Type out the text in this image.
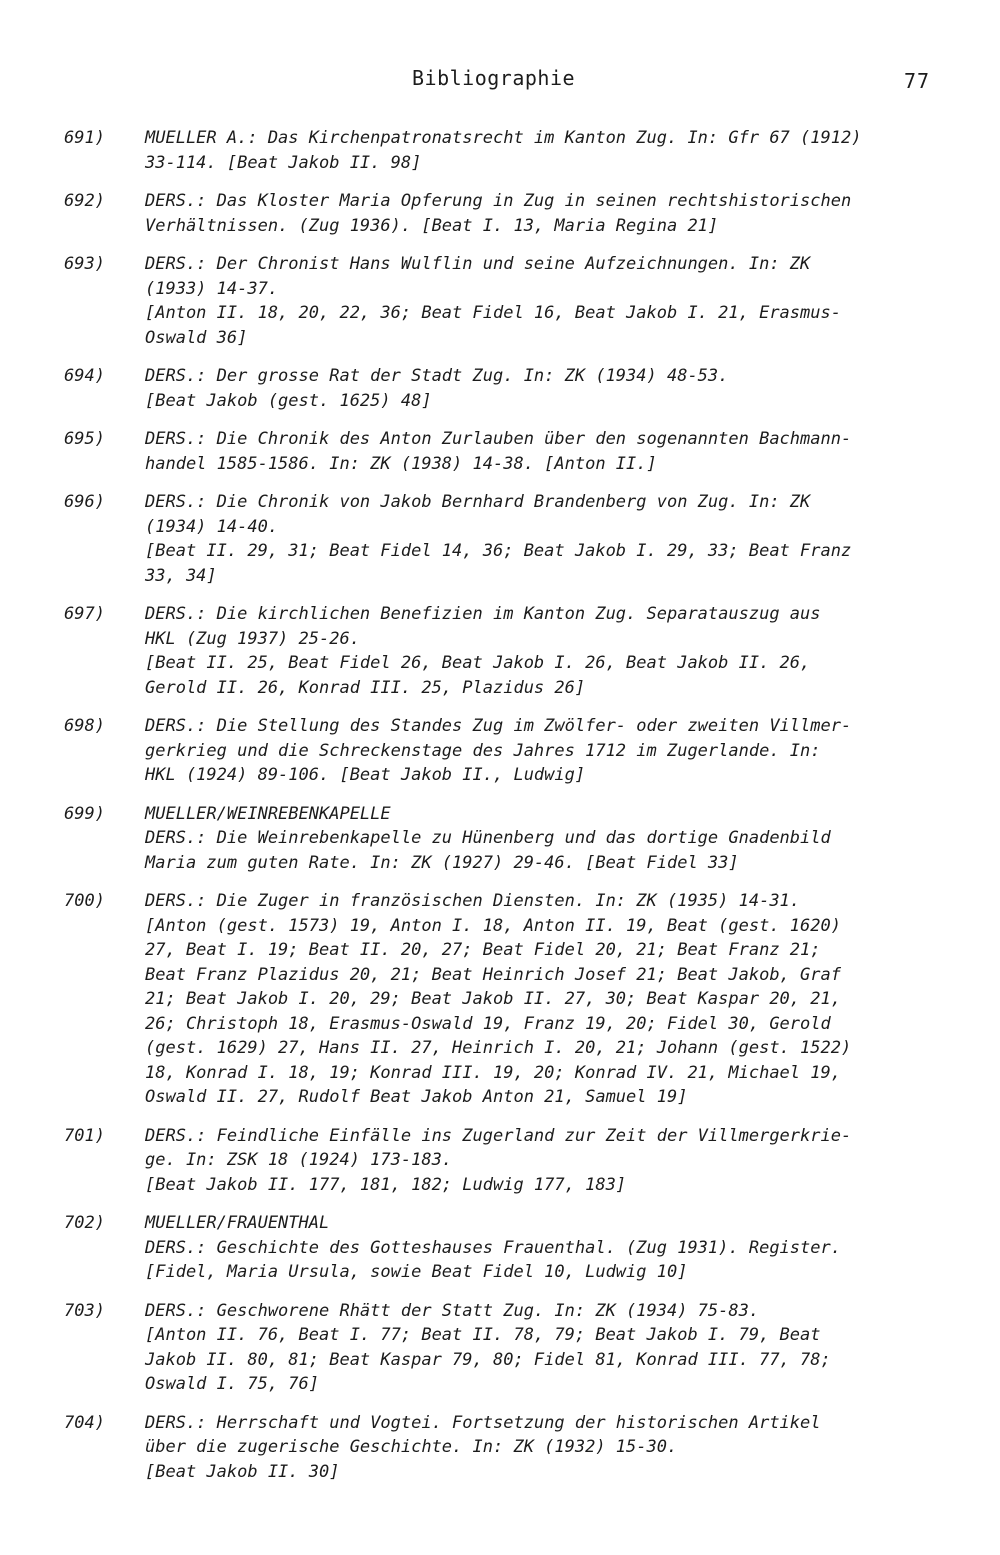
Bibliographie	77
691)	MUELLER A.: Das Kirchenpatronatsrecht im Kanton Zug. In: Gfr 67 (1912)
33-114. [Beat Jakob II. 98]
692)	DERS.: Das Kloster Maria Opferung in Zug in seinen rechtshistorischen
Verhältnissen. (Zug 1936). [Beat I. 13, Maria Regina 21]
693)	DERS.: Der Chronist Hans Wulflin und seine Aufzeichnungen. In: ZK
(1933) 14-37.
[Anton II. 18, 20, 22, 36; Beat Fidel 16, Beat Jakob I. 21, Erasmus-
Oswald 36]
694)	DERS.: Der grosse Rat der Stadt Zug. In: ZK (1934) 48-53.
[Beat Jakob (gest. 1625) 48]
695)	DERS.: Die Chronik des Anton Zurlauben über den sogenannten Bachmann-
handel 1585-1586. In: ZK (1938) 14-38. [Anton II.]
696)	DERS.: Die Chronik von Jakob Bernhard Brandenberg von Zug. In: ZK
(1934) 14-40.
[Beat II. 29, 31; Beat Fidel 14, 36; Beat Jakob I. 29, 33; Beat Franz
33, 34]
697)	DERS.: Die kirchlichen Benefizien im Kanton Zug. Separatauszug aus
HKL (Zug 1937) 25-26.
[Beat II. 25, Beat Fidel 26, Beat Jakob I. 26, Beat Jakob II. 26,
Gerold II. 26, Konrad III. 25, Plazidus 26]
698)	DERS.: Die Stellung des Standes Zug im Zwölfer- oder zweiten Villmer-
gerkrieg und die Schreckenstage des Jahres 1712 im Zugerlande. In:
HKL (1924) 89-106. [Beat Jakob II., Ludwig]
699)	MUELLER/WEINREBENKAPELLE
DERS.: Die Weinrebenkapelle zu Hünenberg und das dortige Gnadenbild
Maria zum guten Rate. In: ZK (1927) 29-46. [Beat Fidel 33]
700)	DERS.: Die Zuger in französischen Diensten. In: ZK (1935) 14-31.
[Anton (gest. 1573) 19, Anton I. 18, Anton II. 19, Beat (gest. 1620)
27, Beat I. 19; Beat II. 20, 27; Beat Fidel 20, 21; Beat Franz 21;
Beat Franz Plazidus 20, 21; Beat Heinrich Josef 21; Beat Jakob, Graf
21; Beat Jakob I. 20, 29; Beat Jakob II. 27, 30; Beat Kaspar 20, 21,
26; Christoph 18, Erasmus-Oswald 19, Franz 19, 20; Fidel 30, Gerold
(gest. 1629) 27, Hans II. 27, Heinrich I. 20, 21; Johann (gest. 1522)
18, Konrad I. 18, 19; Konrad III. 19, 20; Konrad IV. 21, Michael 19,
Oswald II. 27, Rudolf Beat Jakob Anton 21, Samuel 19]
701)	DERS.: Feindliche Einfälle ins Zugerland zur Zeit der Villmergerkrie-
ge. In: ZSK 18 (1924) 173-183.
[Beat Jakob II. 177, 181, 182; Ludwig 177, 183]
702)	MUELLER/FRAUENTHAL
DERS.: Geschichte des Gotteshauses Frauenthal. (Zug 1931). Register.
[Fidel, Maria Ursula, sowie Beat Fidel 10, Ludwig 10]
703)	DERS.: Geschworene Rhätt der Statt Zug. In: ZK (1934) 75-83.
[Anton II. 76, Beat I. 77; Beat II. 78, 79; Beat Jakob I. 79, Beat
Jakob II. 80, 81; Beat Kaspar 79, 80; Fidel 81, Konrad III. 77, 78;
Oswald I. 75, 76]
704)	DERS.: Herrschaft und Vogtei. Fortsetzung der historischen Artikel
über die zugerische Geschichte. In: ZK (1932) 15-30.
[Beat Jakob II. 30]
